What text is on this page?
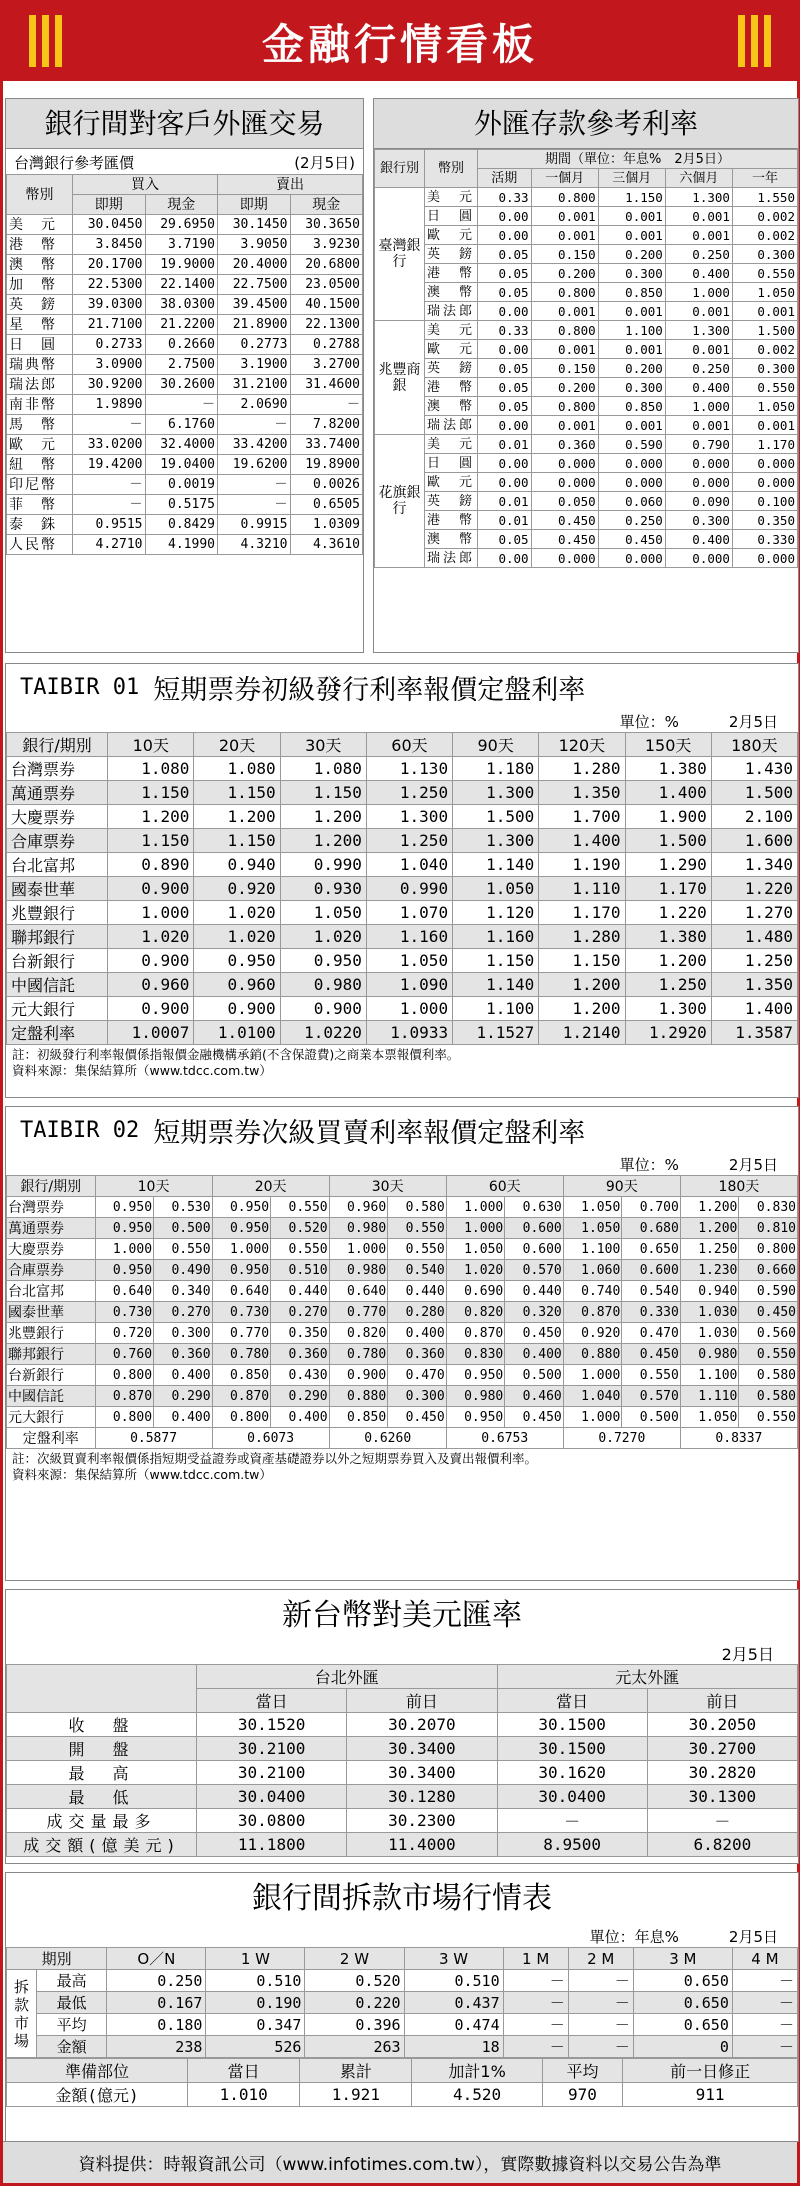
金融行情看板
銀行間對客戶外匯交易
台灣銀行參考匯價	(2月5日)
幣別	買入		賣出	
	即期	現金	即期	現金
美　元	30.0450	29.6950	30.1450	30.3650
港　幣	3.8450	3.7190	3.9050	3.9230
澳　幣	20.1700	19.9000	20.4000	20.6800
加　幣	22.5300	22.1400	22.7500	23.0500
英　鎊	39.0300	38.0300	39.4500	40.1500
星　幣	21.7100	21.2200	21.8900	22.1300
日　圓	0.2733	0.2660	0.2773	0.2788
瑞典幣	3.0900	2.7500	3.1900	3.2700
瑞法郎	30.9200	30.2600	31.2100	31.4600
南非幣	1.9890	－	2.0690	－
馬　幣	－	6.1760	－	7.8200
歐　元	33.0200	32.4000	33.4200	33.7400
紐　幣	19.4200	19.0400	19.6200	19.8900
印尼幣	－	0.0019	－	0.0026
菲　幣	－	0.5175	－	0.6505
泰　銖	0.9515	0.8429	0.9915	1.0309
人民幣	4.2710	4.1990	4.3210	4.3610
外匯存款參考利率
銀行別	幣別	期間（單位：年息%　2月5日）				
		活期	一個月	三個月	六個月	一年
臺灣銀行	美　元	0.33	0.800	1.150	1.300	1.550
	日　圓	0.00	0.001	0.001	0.001	0.002
	歐　元	0.00	0.001	0.001	0.001	0.002
	英　鎊	0.05	0.150	0.200	0.250	0.300
	港　幣	0.05	0.200	0.300	0.400	0.550
	澳　幣	0.05	0.800	0.850	1.000	1.050
	瑞法郎	0.00	0.001	0.001	0.001	0.001
兆豐商銀	美　元	0.33	0.800	1.100	1.300	1.500
	歐　元	0.00	0.001	0.001	0.001	0.002
	英　鎊	0.05	0.150	0.200	0.250	0.300
	港　幣	0.05	0.200	0.300	0.400	0.550
	澳　幣	0.05	0.800	0.850	1.000	1.050
	瑞法郎	0.00	0.001	0.001	0.001	0.001
花旗銀行	美　元	0.01	0.360	0.590	0.790	1.170
	日　圓	0.00	0.000	0.000	0.000	0.000
	歐　元	0.00	0.000	0.000	0.000	0.000
	英　鎊	0.01	0.050	0.060	0.090	0.100
	港　幣	0.01	0.450	0.250	0.300	0.350
	澳　幣	0.05	0.450	0.450	0.400	0.330
	瑞法郎	0.00	0.000	0.000	0.000	0.000
TAIBIR 01 短期票券初級發行利率報價定盤利率
單位：%	2月5日
銀行/期別	10天	20天	30天	60天	90天	120天	150天	180天
台灣票券	1.080	1.080	1.080	1.130	1.180	1.280	1.380	1.430
萬通票券	1.150	1.150	1.150	1.250	1.300	1.350	1.400	1.500
大慶票券	1.200	1.200	1.200	1.300	1.500	1.700	1.900	2.100
合庫票券	1.150	1.150	1.200	1.250	1.300	1.400	1.500	1.600
台北富邦	0.890	0.940	0.990	1.040	1.140	1.190	1.290	1.340
國泰世華	0.900	0.920	0.930	0.990	1.050	1.110	1.170	1.220
兆豐銀行	1.000	1.020	1.050	1.070	1.120	1.170	1.220	1.270
聯邦銀行	1.020	1.020	1.020	1.160	1.160	1.280	1.380	1.480
台新銀行	0.900	0.950	0.950	1.050	1.150	1.150	1.200	1.250
中國信託	0.960	0.960	0.980	1.090	1.140	1.200	1.250	1.350
元大銀行	0.900	0.900	0.900	1.000	1.100	1.200	1.300	1.400
定盤利率	1.0007	1.0100	1.0220	1.0933	1.1527	1.2140	1.2920	1.3587
註：初級發行利率報價係指報價金融機構承銷(不含保證費)之商業本票報價利率。
資料來源：集保結算所（www.tdcc.com.tw）
TAIBIR 02 短期票券次級買賣利率報價定盤利率
單位：%	2月5日
銀行/期別	10天		20天		30天		60天		90天		180天	
台灣票券	0.950	0.530	0.950	0.550	0.960	0.580	1.000	0.630	1.050	0.700	1.200	0.830
萬通票券	0.950	0.500	0.950	0.520	0.980	0.550	1.000	0.600	1.050	0.680	1.200	0.810
大慶票券	1.000	0.550	1.000	0.550	1.000	0.550	1.050	0.600	1.100	0.650	1.250	0.800
合庫票券	0.950	0.490	0.950	0.510	0.980	0.540	1.020	0.570	1.060	0.600	1.230	0.660
台北富邦	0.640	0.340	0.640	0.440	0.640	0.440	0.690	0.440	0.740	0.540	0.940	0.590
國泰世華	0.730	0.270	0.730	0.270	0.770	0.280	0.820	0.320	0.870	0.330	1.030	0.450
兆豐銀行	0.720	0.300	0.770	0.350	0.820	0.400	0.870	0.450	0.920	0.470	1.030	0.560
聯邦銀行	0.760	0.360	0.780	0.360	0.780	0.360	0.830	0.400	0.880	0.450	0.980	0.550
台新銀行	0.800	0.400	0.850	0.430	0.900	0.470	0.950	0.500	1.000	0.550	1.100	0.580
中國信託	0.870	0.290	0.870	0.290	0.880	0.300	0.980	0.460	1.040	0.570	1.110	0.580
元大銀行	0.800	0.400	0.800	0.400	0.850	0.450	0.950	0.450	1.000	0.500	1.050	0.550
定盤利率	0.5877		0.6073		0.6260		0.6753		0.7270		0.8337	
註：次級買賣利率報價係指短期受益證券或資產基礎證券以外之短期票券買入及賣出報價利率。
資料來源：集保結算所（www.tdcc.com.tw）
新台幣對美元匯率
2月5日
	台北外匯		元太外匯	
	當日	前日	當日	前日
收　盤	30.1520	30.2070	30.1500	30.2050
開　盤	30.2100	30.3400	30.1500	30.2700
最　高	30.2100	30.3400	30.1620	30.2820
最　低	30.0400	30.1280	30.0400	30.1300
成交量最多	30.0800	30.2300	－	－
成交額(億美元)	11.1800	11.4000	8.9500	6.8200
銀行間拆款市場行情表
單位：年息%	2月5日
期別		O／N	1 W	2 W	3 W	1 M	2 M	3 M	4 M
拆款市場	最高	0.250	0.510	0.520	0.510	－	－	0.650	－
	最低	0.167	0.190	0.220	0.437	－	－	0.650	－
	平均	0.180	0.347	0.396	0.474	－	－	0.650	－
	金額	238	526	263	18	－	－	0	－
準備部位	當日	累計	加計1%	平均	前一日修正
金額(億元)	1.010	1.921	4.520	970	911
資料提供：時報資訊公司（www.infotimes.com.tw），實際數據資料以交易公告為準
